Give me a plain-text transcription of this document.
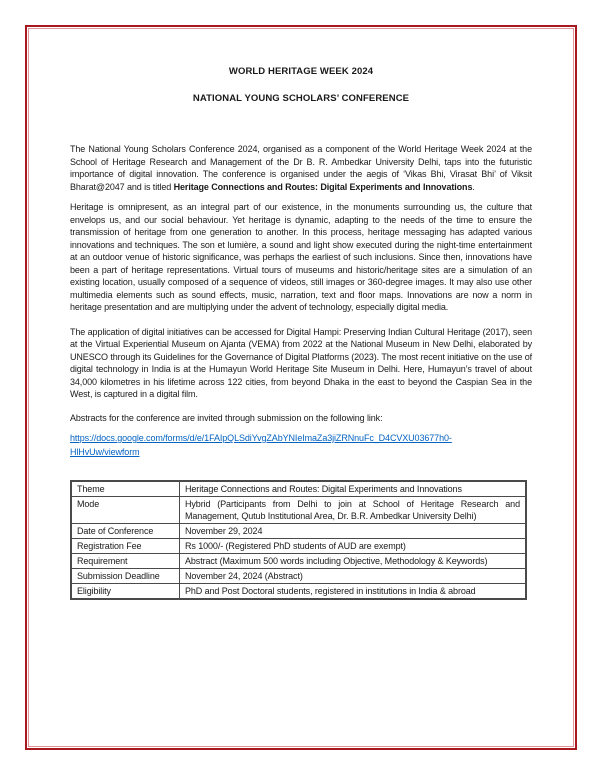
WORLD HERITAGE WEEK 2024
NATIONAL YOUNG SCHOLARS’ CONFERENCE

The National Young Scholars Conference 2024, organised as a component of the World Heritage Week 2024 at the School of Heritage Research and Management of the Dr B. R. Ambedkar University Delhi, taps into the futuristic importance of digital innovation. The conference is organised under the aegis of ‘Vikas Bhi, Virasat Bhi’ of Viksit Bharat@2047 and is titled Heritage Connections and Routes: Digital Experiments and Innovations.

Heritage is omnipresent, as an integral part of our existence, in the monuments surrounding us, the culture that envelops us, and our social behaviour. Yet heritage is dynamic, adapting to the needs of the time to ensure the transmission of heritage from one generation to another. In this process, heritage messaging has adapted various innovations and techniques. The son et lumière, a sound and light show executed during the night-time entertainment at an outdoor venue of historic significance, was perhaps the earliest of such inclusions. Since then, innovations have been a part of heritage representations. Virtual tours of museums and historic/heritage sites are a simulation of an existing location, usually composed of a sequence of videos, still images or 360-degree images. It may also use other multimedia elements such as sound effects, music, narration, text and floor maps. Innovations are now a norm in heritage presentation and are multiplying under the advent of technology, especially digital media.

The application of digital initiatives can be accessed for Digital Hampi: Preserving Indian Cultural Heritage (2017), seen at the Virtual Experiential Museum on Ajanta (VEMA) from 2022 at the National Museum in New Delhi, elaborated by UNESCO through its Guidelines for the Governance of Digital Platforms (2023). The most recent initiative on the use of digital technology in India is at the Humayun World Heritage Site Museum in Delhi. Here, Humayun’s travel of about 34,000 kilometres in his lifetime across 122 cities, from beyond Dhaka in the east to beyond the Caspian Sea in the West, is captured in a digital film.

Abstracts for the conference are invited through submission on the following link:

https://docs.google.com/forms/d/e/1FAIpQLSdiYvgZAbYNIeImaZa3jiZRNnuFc_D4CVXU03677h0-HlHvUw/viewform

Theme	Heritage Connections and Routes: Digital Experiments and Innovations
Mode	Hybrid (Participants from Delhi to join at School of Heritage Research and Management, Qutub Institutional Area, Dr. B.R. Ambedkar University Delhi)
Date of Conference	November 29, 2024
Registration Fee	Rs 1000/- (Registered PhD students of AUD are exempt)
Requirement	Abstract (Maximum 500 words including Objective, Methodology & Keywords)
Submission Deadline	November 24, 2024 (Abstract)
Eligibility	PhD and Post Doctoral students, registered in institutions in India & abroad
